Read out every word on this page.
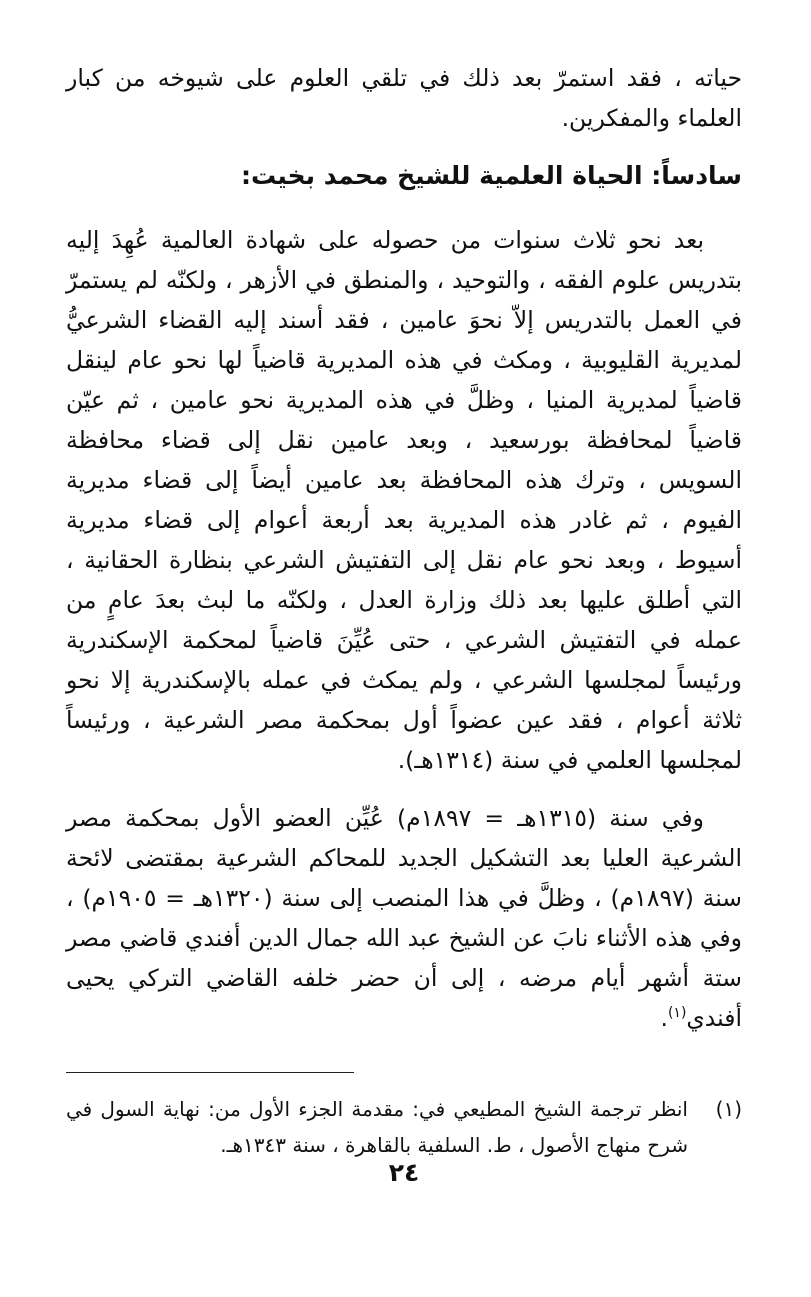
حياته ، فقد استمرّ بعد ذلك في تلقي العلوم على شيوخه من كبار العلماء والمفكرين.

سادساً: الحياة العلمية للشيخ محمد بخيت:

بعد نحو ثلاث سنوات من حصوله على شهادة العالمية عُهِدَ إليه بتدريس علوم الفقه ، والتوحيد ، والمنطق في الأزهر ، ولكنّه لم يستمرّ في العمل بالتدريس إلاّ نحوَ عامين ، فقد أسند إليه القضاء الشرعيُّ لمديرية القليوبية ، ومكث في هذه المديرية قاضياً لها نحو عام لينقل قاضياً لمديرية المنيا ، وظلَّ في هذه المديرية نحو عامين ، ثم عيّن قاضياً لمحافظة بورسعيد ، وبعد عامين نقل إلى قضاء محافظة السويس ، وترك هذه المحافظة بعد عامين أيضاً إلى قضاء مديرية الفيوم ، ثم غادر هذه المديرية بعد أربعة أعوام إلى قضاء مديرية أسيوط ، وبعد نحو عام نقل إلى التفتيش الشرعي بنظارة الحقانية ، التي أطلق عليها بعد ذلك وزارة العدل ، ولكنّه ما لبث بعدَ عامٍ من عمله في التفتيش الشرعي ، حتى عُيِّنَ قاضياً لمحكمة الإسكندرية ورئيساً لمجلسها الشرعي ، ولم يمكث في عمله بالإسكندرية إلا نحو ثلاثة أعوام ، فقد عين عضواً أول بمحكمة مصر الشرعية ، ورئيساً لمجلسها العلمي في سنة (١٣١٤هـ).

وفي سنة (١٣١٥هـ = ١٨٩٧م) عُيِّن العضو الأول بمحكمة مصر الشرعية العليا بعد التشكيل الجديد للمحاكم الشرعية بمقتضى لائحة سنة (١٨٩٧م) ، وظلَّ في هذا المنصب إلى سنة (١٣٢٠هـ = ١٩٠٥م) ، وفي هذه الأثناء نابَ عن الشيخ عبد الله جمال الدين أفندي قاضي مصر ستة أشهر أيام مرضه ، إلى أن حضر خلفه القاضي التركي يحيى أفندي$^{(١)}$.

(١)
انظر ترجمة الشيخ المطيعي في: مقدمة الجزء الأول من: نهاية السول في شرح منهاج الأصول ، ط. السلفية بالقاهرة ، سنة ١٣٤٣هـ.
٢٤
